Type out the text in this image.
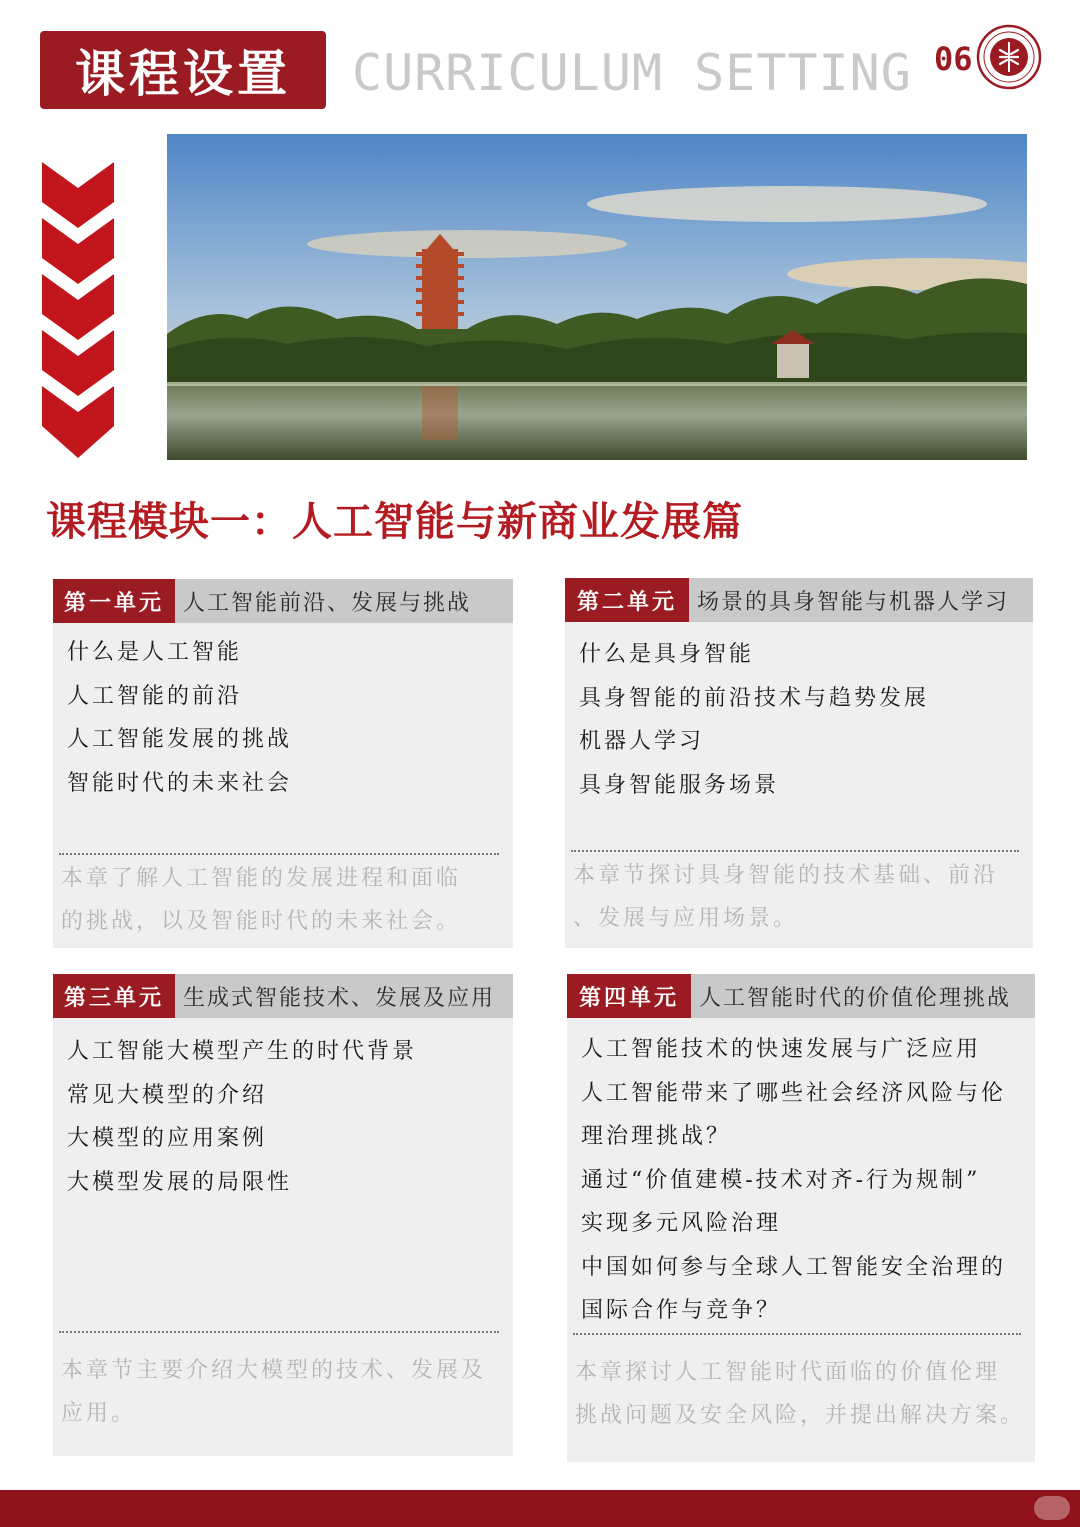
课程设置 CURRICULUM SETTING 06
课程模块一：人工智能与新商业发展篇
第一单元 人工智能前沿、发展与挑战
什么是人工智能
人工智能的前沿
人工智能发展的挑战
智能时代的未来社会
本章了解人工智能的发展进程和面临
的挑战，以及智能时代的未来社会。
第二单元 场景的具身智能与机器人学习
什么是具身智能
具身智能的前沿技术与趋势发展
机器人学习
具身智能服务场景
本章节探讨具身智能的技术基础、前沿
、发展与应用场景。
第三单元 生成式智能技术、发展及应用
人工智能大模型产生的时代背景
常见大模型的介绍
大模型的应用案例
大模型发展的局限性
本章节主要介绍大模型的技术、发展及
应用。
第四单元 人工智能时代的价值伦理挑战
人工智能技术的快速发展与广泛应用
人工智能带来了哪些社会经济风险与伦
理治理挑战？
通过“价值建模-技术对齐-行为规制”
实现多元风险治理
中国如何参与全球人工智能安全治理的
国际合作与竞争？
本章探讨人工智能时代面临的价值伦理
挑战问题及安全风险，并提出解决方案。
